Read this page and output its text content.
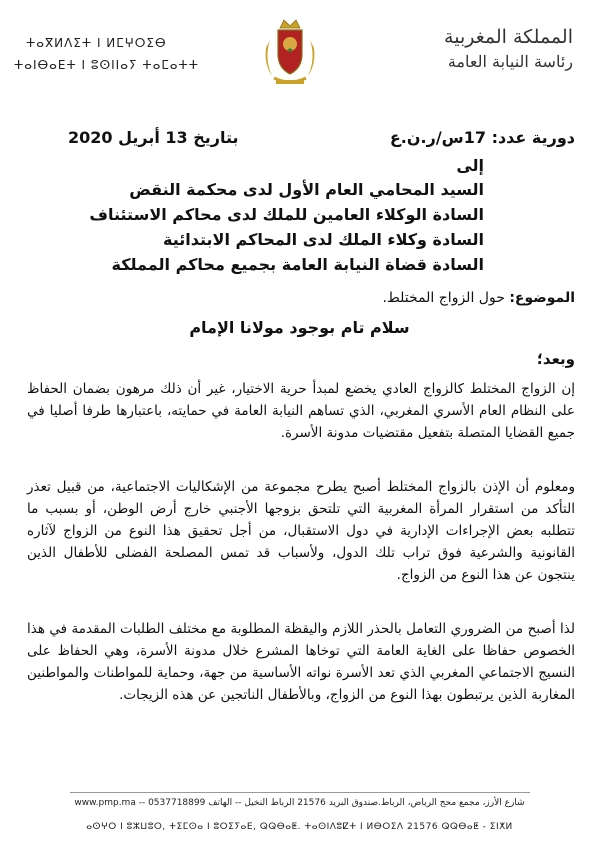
ⵜⴰⴳⵍⴷⵉⵜ ⵏ ⵍⵎⵖⵔⵉⴱ
ⵜⴰⵏⴱⴰⴹⵜ ⵏ ⵓⵙⵏⵏⴰⵢ ⵜⴰⵎⴰⵜⵜ
المملكة المغربية
رئاسة النيابة العامة
دورية عدد: 17س/ر.ن.ع
بتاريخ 13 أبريل 2020
إلى
السيد المحامي العام الأول لدى محكمة النقض
السادة الوكلاء العامين للملك لدى محاكم الاستئناف
السادة وكلاء الملك لدى المحاكم الابتدائية
السادة قضاة النيابة العامة بجميع محاكم المملكة
الموضوع: حول الزواج المختلط.
سلام تام بوجود مولانا الإمام
وبعد؛
إن الزواج المختلط كالزواج العادي يخضع لمبدأ حرية الاختيار، غير أن ذلك مرهون بضمان الحفاظ على النظام العام الأسري المغربي، الذي تساهم النيابة العامة في حمايته، باعتبارها طرفا أصليا في جميع القضايا المتصلة بتفعيل مقتضيات مدونة الأسرة.
ومعلوم أن الإذن بالزواج المختلط أصبح يطرح مجموعة من الإشكاليات الاجتماعية، من قبيل تعذر التأكد من استقرار المرأة المغربية التي تلتحق بزوجها الأجنبي خارج أرض الوطن، أو بسبب ما تتطلبه بعض الإجراءات الإدارية في دول الاستقبال، من أجل تحقيق هذا النوع من الزواج لآثاره القانونية والشرعية فوق تراب تلك الدول، ولأسباب قد تمس المصلحة الفضلى للأطفال الذين ينتجون عن هذا النوع من الزواج.
لذا أصبح من الضروري التعامل بالحذر اللازم واليقظة المطلوبة مع مختلف الطلبات المقدمة في هذا الخصوص حفاظا على الغاية العامة التي توخاها المشرع خلال مدونة الأسرة، وهي الحفاظ على النسيج الاجتماعي المغربي الذي تعد الأسرة نواته الأساسية من جهة، وحماية للمواطنات والمواطنين المغاربة الذين يرتبطون بهذا النوع من الزواج، وبالأطفال الناتجين عن هذه الزيجات.
شارع الأرز، مجمع محج الرياض، الرباط.صندوق البريد 21576 الرباط النخيل -- الهاتف 0537718899 www.pmp.ma --
ⴰⵙⵖⵔ ⵏ ⵓⵣⵡⵓⵔ, ⵜⵉⵎⵙⴰ ⵏ ⵓⵔⵉⵢⴰⴹ, ⵕⵕⴱⴰⵟ. ⵜⴰⵙⵏⴷⵓⵇⵜ ⵏ ⵍⴱⵔⵉⴷ 21576 ⵕⵕⴱⴰⵟ - ⵉⵏⵅⵍ
